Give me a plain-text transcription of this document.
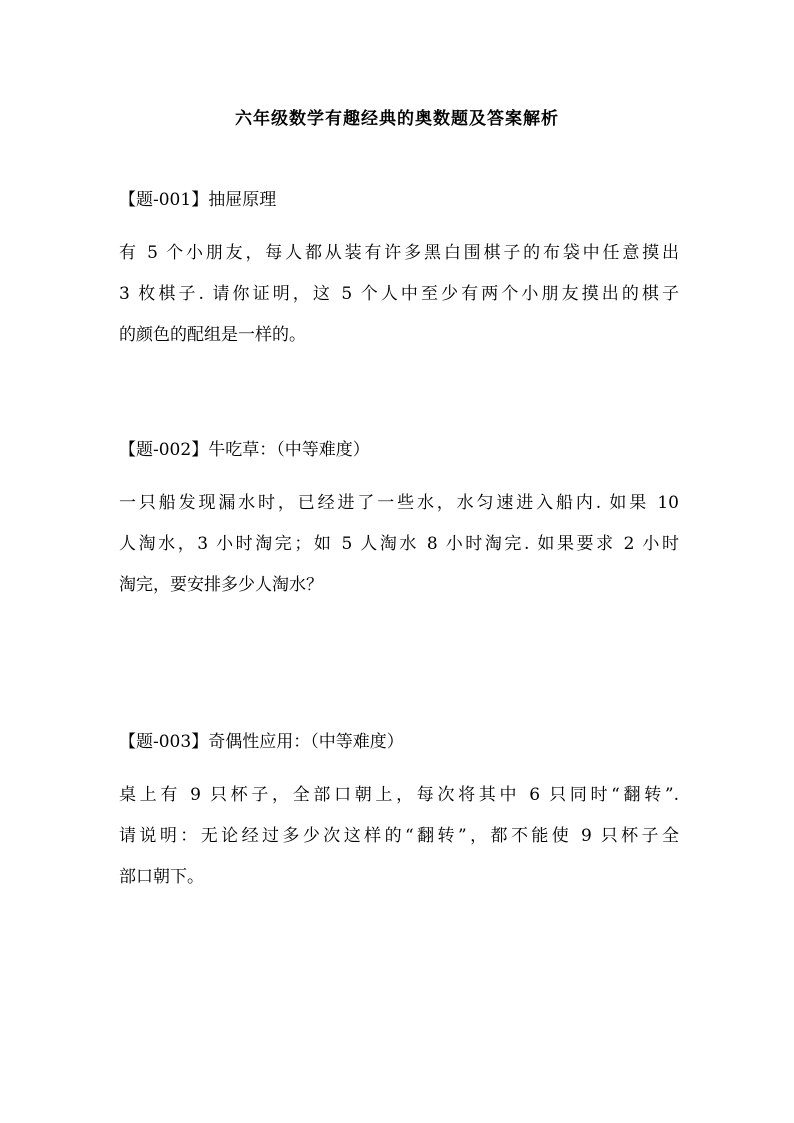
六年级数学有趣经典的奥数题及答案解析
【题-001】抽屉原理

有 5 个小朋友，每人都从装有许多黑白围棋子的布袋中任意摸出
3 枚棋子. 请你证明，这 5 个人中至少有两个小朋友摸出的棋子
的颜色的配组是一样的。

【题-002】牛吃草：（中等难度）

一只船发现漏水时，已经进了一些水，水匀速进入船内. 如果 10
人淘水，3 小时淘完；如 5 人淘水 8 小时淘完. 如果要求 2 小时
淘完，要安排多少人淘水？

【题-003】奇偶性应用：（中等难度）

桌上有 9 只杯子，全部口朝上，每次将其中 6 只同时“翻转”.
请说明：无论经过多少次这样的“翻转”，都不能使 9 只杯子全
部口朝下。
